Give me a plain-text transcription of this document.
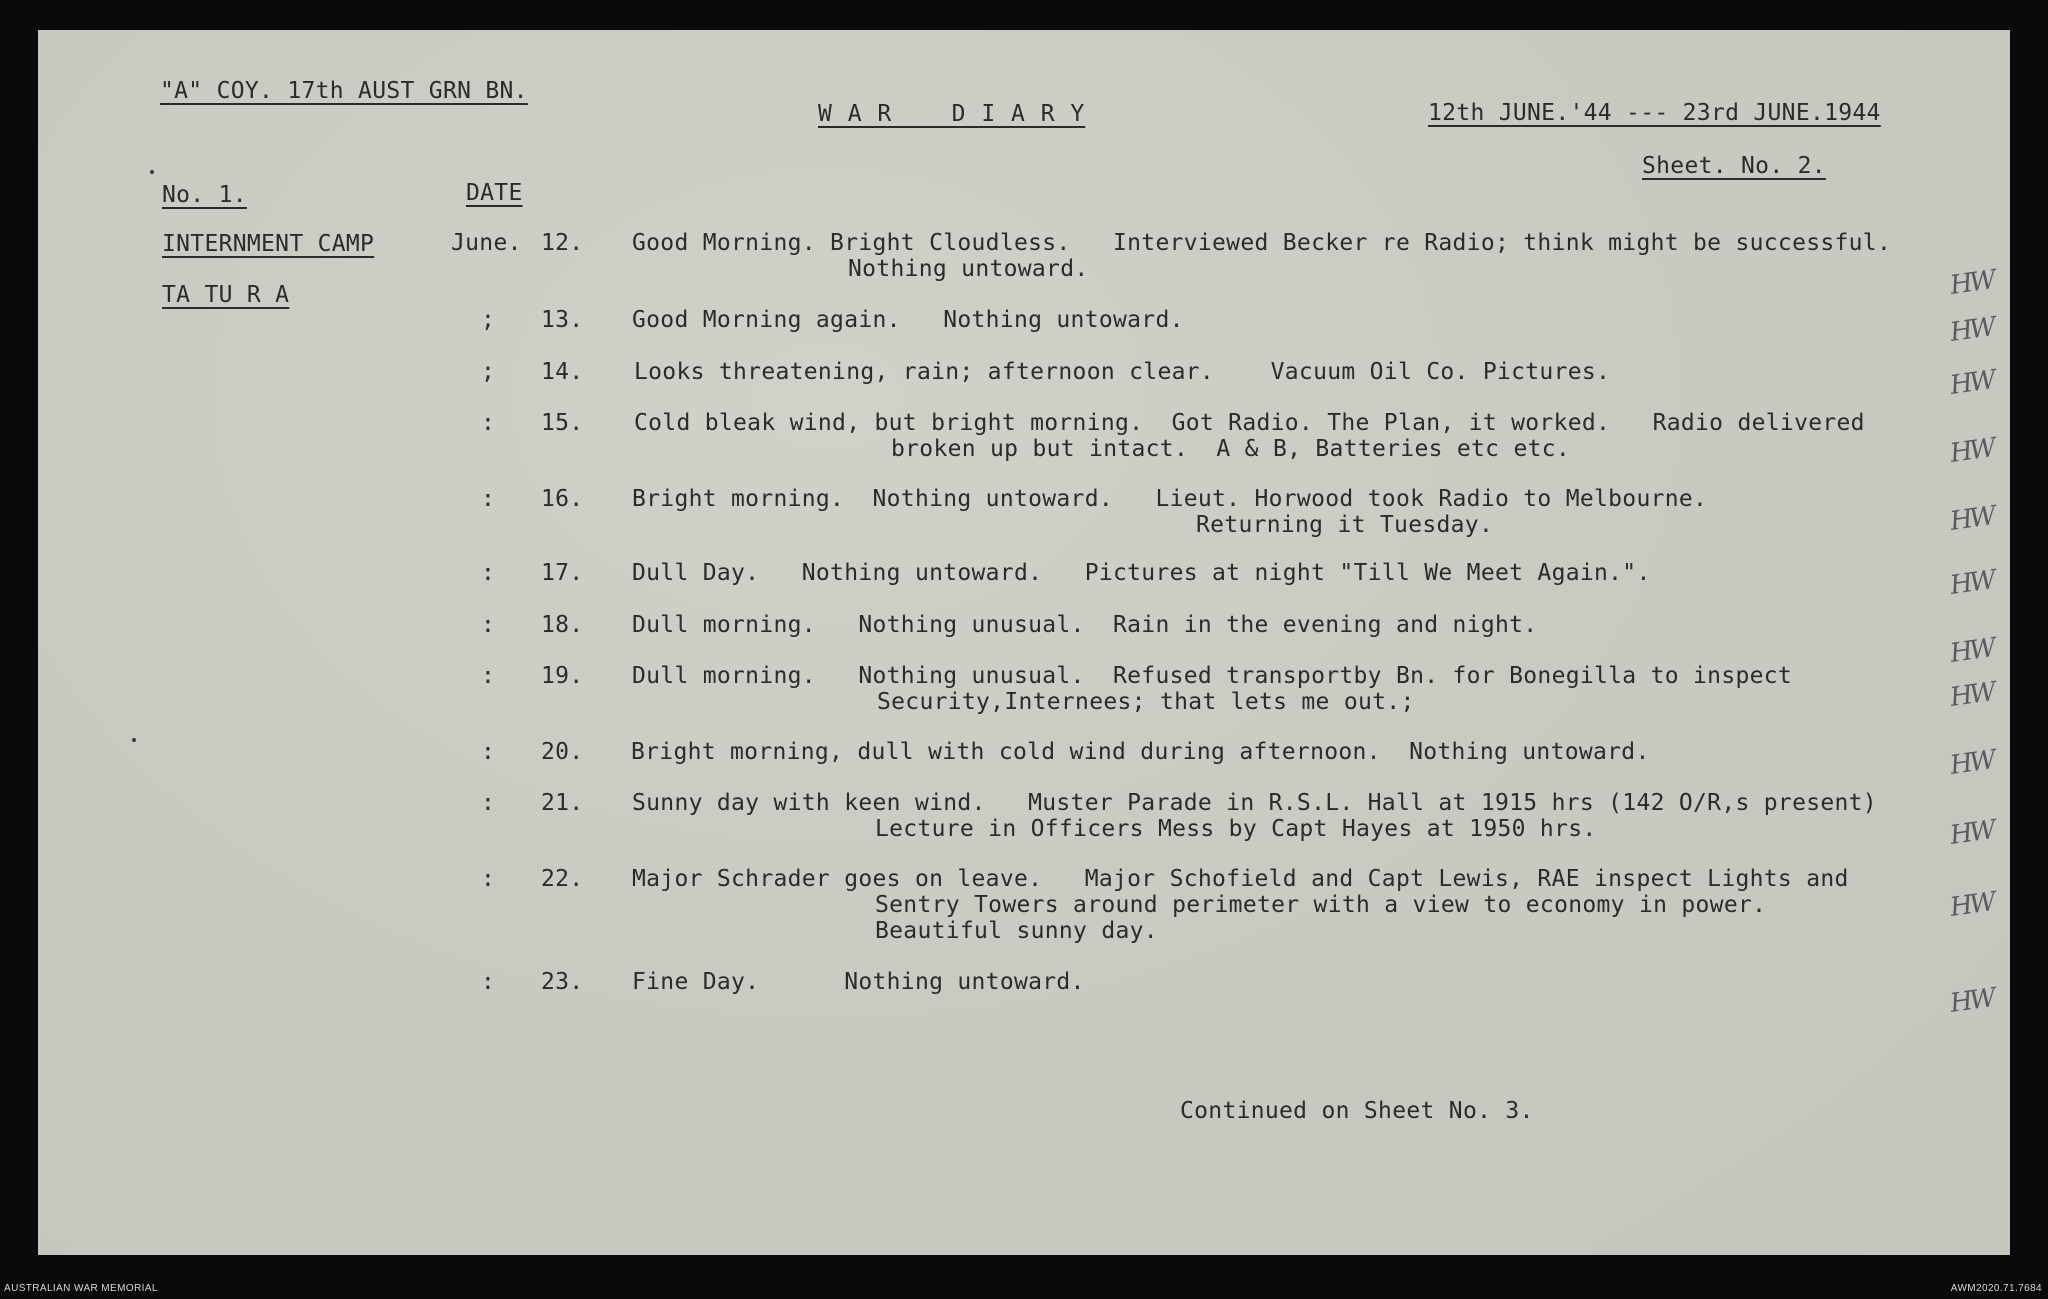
"A" COY. 17th AUST GRN BN.
W A R    D I A R Y	12th JUNE.'44 --- 23rd JUNE.1944
Sheet. No. 2.
No. 1.	DATE
INTERNMENT CAMP
TA TU R A
June. 12. Good Morning. Bright Cloudless.   Interviewed Becker re Radio; think might be successful.
Nothing untoward.	HW
; 13. Good Morning again.   Nothing untoward.	HW
; 14. Looks threatening, rain; afternoon clear.    Vacuum Oil Co. Pictures.	HW
: 15. Cold bleak wind, but bright morning.  Got Radio. The Plan, it worked.   Radio delivered
broken up but intact.  A & B, Batteries etc etc.	HW
: 16. Bright morning.  Nothing untoward.   Lieut. Horwood took Radio to Melbourne.
Returning it Tuesday.	HW
: 17. Dull Day.   Nothing untoward.   Pictures at night "Till We Meet Again.".	HW
: 18. Dull morning.   Nothing unusual.  Rain in the evening and night.
HW
: 19. Dull morning.   Nothing unusual.  Refused transportby Bn. for Bonegilla to inspect
Security,Internees; that lets me out.;	HW
: 20. Bright morning, dull with cold wind during afternoon.  Nothing untoward.	HW
: 21. Sunny day with keen wind.   Muster Parade in R.S.L. Hall at 1915 hrs (142 O/R,s present)
Lecture in Officers Mess by Capt Hayes at 1950 hrs.	HW
: 22. Major Schrader goes on leave.   Major Schofield and Capt Lewis, RAE inspect Lights and
Sentry Towers around perimeter with a view to economy in power.
Beautiful sunny day.
HW
: 23. Fine Day.      Nothing untoward.
HW
Continued on Sheet No. 3.
AUSTRALIAN WAR MEMORIAL	AWM2020.71.7684
